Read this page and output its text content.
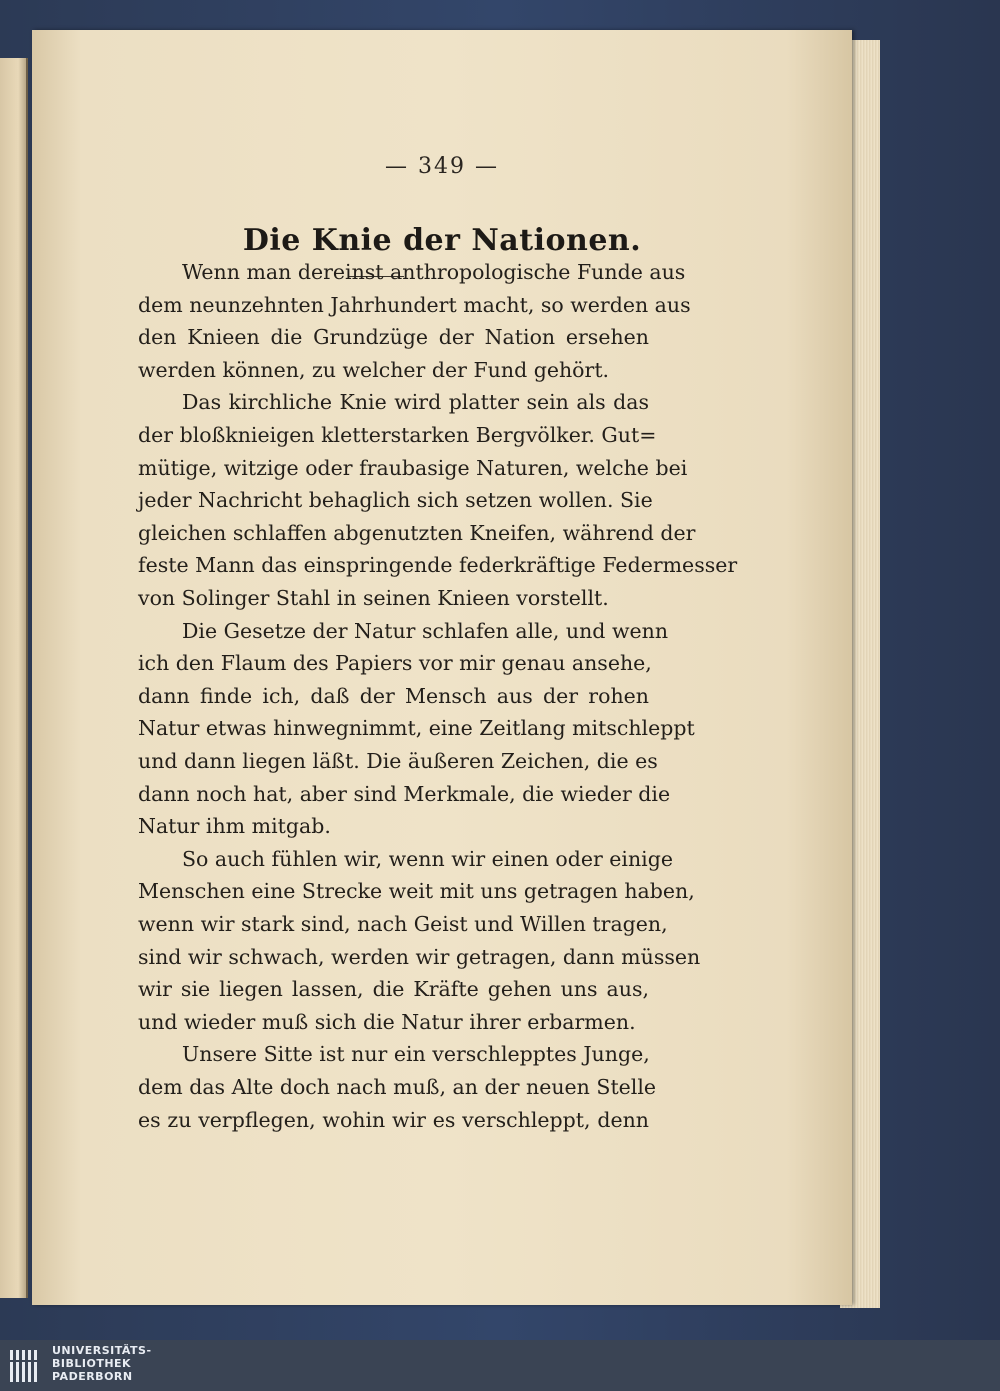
— 349 —
Die Knie der Nationen.
Wenn man dereinst anthropologische Funde aus
dem neunzehnten Jahrhundert macht, so werden aus
den Knieen die Grundzüge der Nation ersehen
werden können, zu welcher der Fund gehört.
Das kirchliche Knie wird platter sein als das
der bloßknieigen kletterstarken Bergvölker. Gut=
mütige, witzige oder fraubasige Naturen, welche bei
jeder Nachricht behaglich sich setzen wollen. Sie
gleichen schlaffen abgenutzten Kneifen, während der
feste Mann das einspringende federkräftige Federmesser
von Solinger Stahl in seinen Knieen vorstellt.
Die Gesetze der Natur schlafen alle, und wenn
ich den Flaum des Papiers vor mir genau ansehe,
dann finde ich, daß der Mensch aus der rohen
Natur etwas hinwegnimmt, eine Zeitlang mitschleppt
und dann liegen läßt. Die äußeren Zeichen, die es
dann noch hat, aber sind Merkmale, die wieder die
Natur ihm mitgab.
So auch fühlen wir, wenn wir einen oder einige
Menschen eine Strecke weit mit uns getragen haben,
wenn wir stark sind, nach Geist und Willen tragen,
sind wir schwach, werden wir getragen, dann müssen
wir sie liegen lassen, die Kräfte gehen uns aus,
und wieder muß sich die Natur ihrer erbarmen.
Unsere Sitte ist nur ein verschlepptes Junge,
dem das Alte doch nach muß, an der neuen Stelle
es zu verpflegen, wohin wir es verschleppt, denn
UNIVERSITÄTS-
BIBLIOTHEK
PADERBORN
